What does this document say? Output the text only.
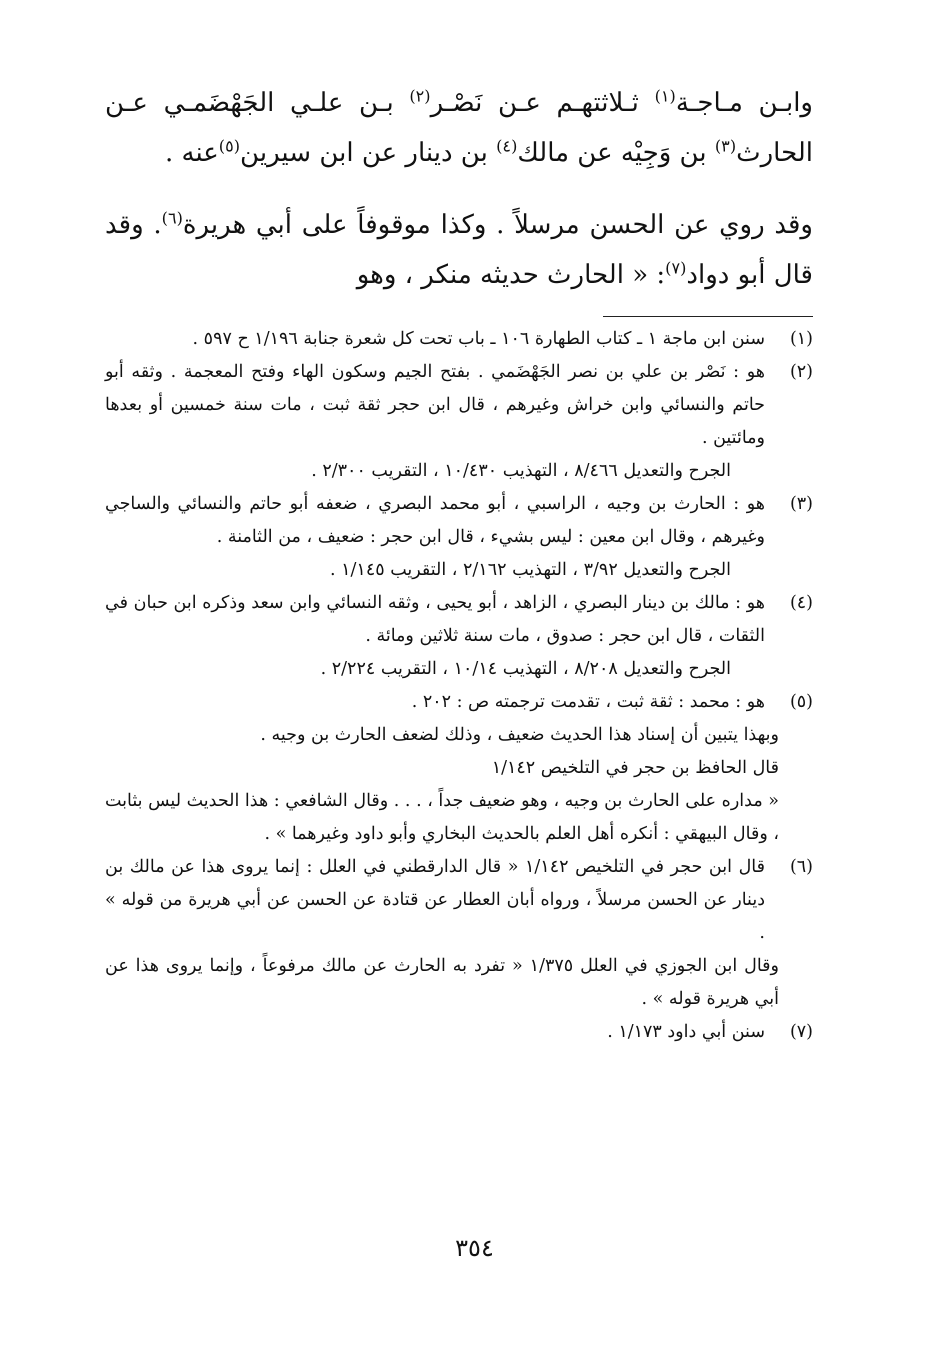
وابـن مـاجـة$^{(١)}$ ثـلاثتهـم عـن نَصْـر$^{(٢)}$ بـن علـي الجَهْضَمـي عـن الحارث$^{(٣)}$ بن وَجِيْه عن مالك$^{(٤)}$ بن دينار عن ابن سيرين$^{(٥)}$عنه .

وقد روي عن الحسن مرسلاً . وكذا موقوفاً على أبي هريرة$^{(٦)}$. وقد قال أبو دواد$^{(٧)}$: « الحارث حديثه منكر ، وهو

(١)

سنن ابن ماجة ١ ـ كتاب الطهارة ١٠٦ ـ باب تحت كل شعرة جنابة ١/١٩٦ ح ٥٩٧ .

(٢)

هو : نَصْر بن علي بن نصر الجَهْضَمي . بفتح الجيم وسكون الهاء وفتح المعجمة . وثقه أبو حاتم والنسائي وابن خراش وغيرهم ، قال ابن حجر ثقة ثبت ، مات سنة خمسين أو بعدها ومائتين .

الجرح والتعديل ٨/٤٦٦ ، التهذيب ١٠/٤٣٠ ، التقريب ٢/٣٠٠ .

(٣)

هو : الحارث بن وجيه ، الراسبي ، أبو محمد البصري ، ضعفه أبو حاتم والنسائي والساجي وغيرهم ، وقال ابن معين : ليس بشيء ، قال ابن حجر : ضعيف ، من الثامنة .

الجرح والتعديل ٣/٩٢ ، التهذيب ٢/١٦٢ ، التقريب ١/١٤٥ .

(٤)

هو : مالك بن دينار البصري ، الزاهد ، أبو يحيى ، وثقه النسائي وابن سعد وذكره ابن حبان في الثقات ، قال ابن حجر : صدوق ، مات سنة ثلاثين ومائة .

الجرح والتعديل ٨/٢٠٨ ، التهذيب ١٠/١٤ ، التقريب ٢/٢٢٤ .

(٥)

هو : محمد : ثقة ثبت ، تقدمت ترجمته ص : ٢٠٢ .

وبهذا يتبين أن إسناد هذا الحديث ضعيف ، وذلك لضعف الحارث بن وجيه .

قال الحافظ بن حجر في التلخيص ١/١٤٢

« مداره على الحارث بن وجيه ، وهو ضعيف جداً ، . . . وقال الشافعي : هذا الحديث ليس بثابت ، وقال البيهقي : أنكره أهل العلم بالحديث البخاري وأبو داود وغيرهما » .

(٦)

قال ابن حجر في التلخيص ١/١٤٢ « قال الدارقطني في العلل : إنما يروى هذا عن مالك بن دينار عن الحسن مرسلاً ، ورواه أبان العطار عن قتادة عن الحسن عن أبي هريرة من قوله » .

وقال ابن الجوزي في العلل ١/٣٧٥ « تفرد به الحارث عن مالك مرفوعاً ، وإنما يروى هذا عن أبي هريرة قوله » .

(٧)

سنن أبي داود ١/١٧٣ .

٣٥٤
